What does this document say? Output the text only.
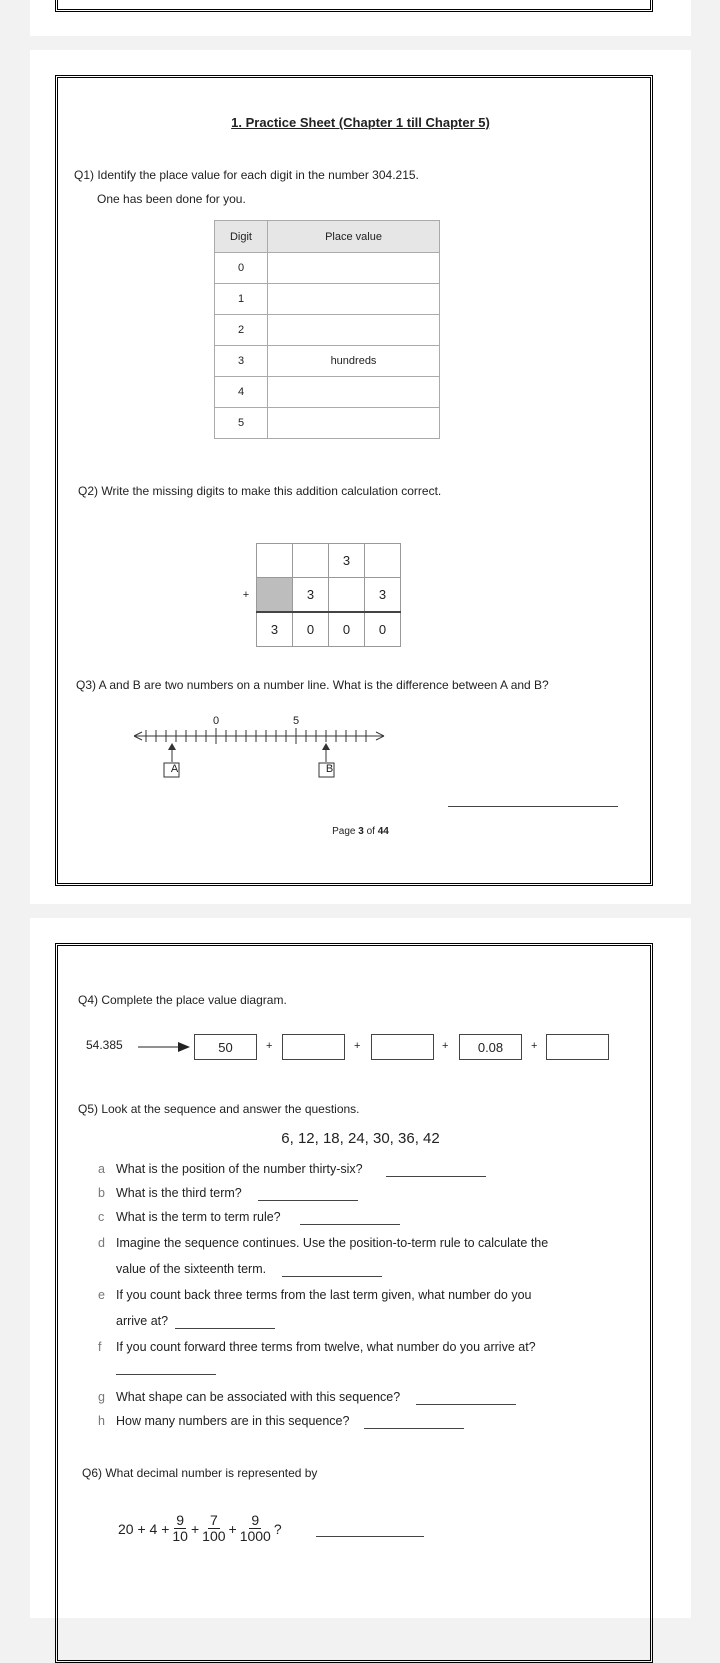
1. Practice Sheet (Chapter 1 till Chapter 5)
Q1) Identify the place value for each digit in the number 304.215.
One has been done for you.
Digit	Place value
0	
1	
2	
3	hundreds
4	
5	
Q2) Write the missing digits to make this addition calculation correct.
			3	
+		3		3
	3	0	0	0
Q3) A and B are two numbers on a number line. What is the difference between A and B?
0	5
A	B
Page 3 of 44
Q4) Complete the place value diagram.
54.385	50	+	+	+	0.08	+
Q5) Look at the sequence and answer the questions.
6, 12, 18, 24, 30, 36, 42
a What is the position of the number thirty-six?
b What is the third term?
c What is the term to term rule?
d Imagine the sequence continues. Use the position-to-term rule to calculate the
value of the sixteenth term.
e If you count back three terms from the last term given, what number do you
arrive at?
f If you count forward three terms from twelve, what number do you arrive at?
g What shape can be associated with this sequence?
h How many numbers are in this sequence?
Q6) What decimal number is represented by
$20 + 4 + \frac{9}{10} + \frac{7}{100} + \frac{9}{1000}$ ?
